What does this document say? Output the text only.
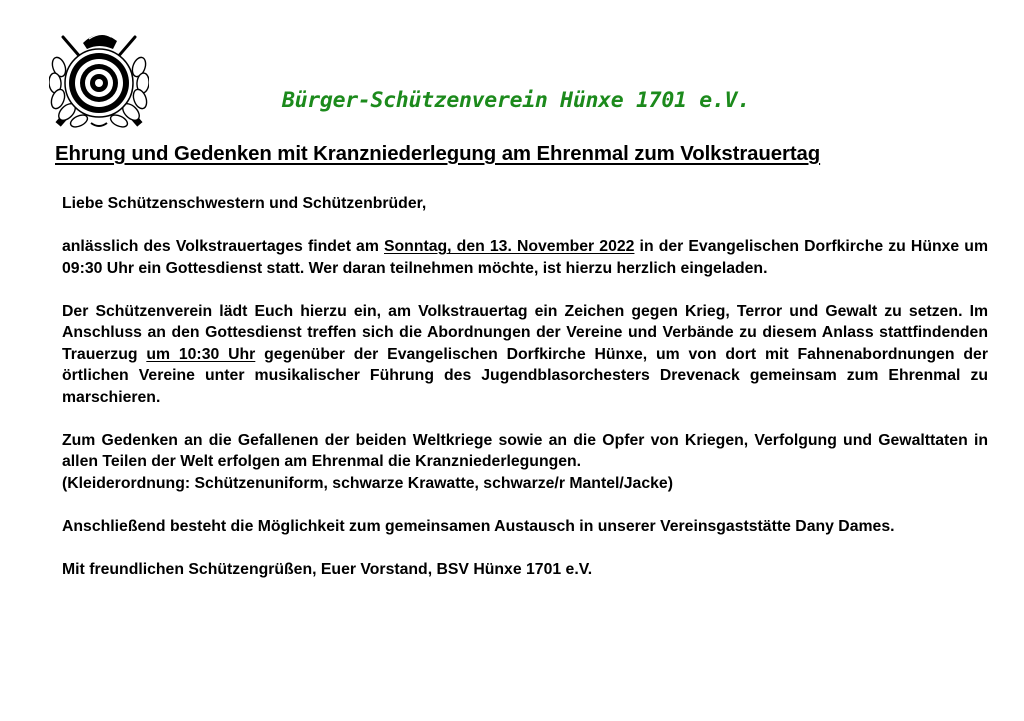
Bürger-Schützenverein Hünxe 1701 e.V.
Ehrung und Gedenken mit Kranzniederlegung am Ehrenmal zum Volkstrauertag

Liebe Schützenschwestern und Schützenbrüder,

anlässlich des Volkstrauertages findet am Sonntag, den 13. November 2022 in der Evangelischen Dorfkirche zu Hünxe um 09:30 Uhr ein Gottesdienst statt. Wer daran teilnehmen möchte, ist hierzu herzlich eingeladen.

Der Schützenverein lädt Euch hierzu ein, am Volkstrauertag ein Zeichen gegen Krieg, Terror und Gewalt zu setzen. Im Anschluss an den Gottesdienst treffen sich die Abordnungen der Vereine und Verbände zu diesem Anlass stattfindenden Trauerzug um 10:30 Uhr gegenüber der Evangelischen Dorfkirche Hünxe, um von dort mit Fahnenabordnungen der örtlichen Vereine unter musikalischer Führung des Jugendblasorchesters Drevenack gemeinsam zum Ehrenmal zu marschieren.

Zum Gedenken an die Gefallenen der beiden Weltkriege sowie an die Opfer von Kriegen, Verfolgung und Gewalttaten in allen Teilen der Welt erfolgen am Ehrenmal die Kranzniederlegungen.

(Kleiderordnung: Schützenuniform, schwarze Krawatte, schwarze/r Mantel/Jacke)

Anschließend besteht die Möglichkeit zum gemeinsamen Austausch in unserer Vereinsgaststätte Dany Dames.

Mit freundlichen Schützengrüßen, Euer Vorstand, BSV Hünxe 1701 e.V.
